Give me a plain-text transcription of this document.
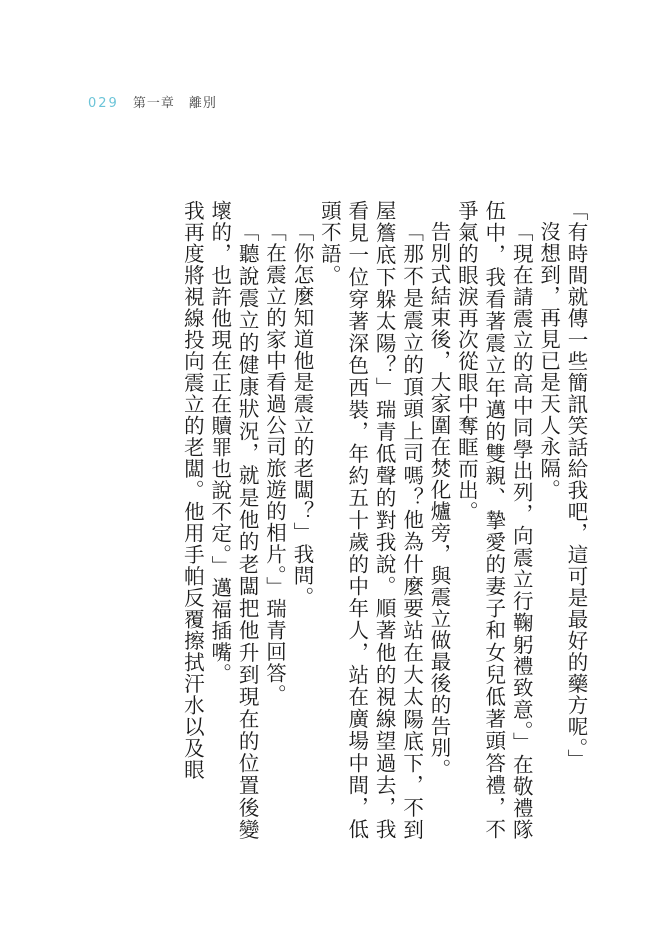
029 第一章　離別

「有時間就傳一些簡訊笑話給我吧，這可是最好的藥方呢。」

沒想到，再見已是天人永隔。

「現在請震立的高中同學出列，向震立行鞠躬禮致意。」在敬禮隊伍中，我看著震立年邁的雙親、摯愛的妻子和女兒低著頭答禮，不爭氣的眼淚再次從眼中奪眶而出。

告別式結束後，大家圍在焚化爐旁，與震立做最後的告別。

「那不是震立的頂頭上司嗎？他為什麼要站在大太陽底下，不到屋簷底下躲太陽？」瑞青低聲的對我說。順著他的視線望過去，我看見一位穿著深色西裝，年約五十歲的中年人，站在廣場中間，低頭不語。

「你怎麼知道他是震立的老闆？」我問。

「在震立的家中看過公司旅遊的相片。」瑞青回答。

「聽說震立的健康狀況，就是他的老闆把他升到現在的位置後變壞的，也許他現在正在贖罪也說不定。」邁福插嘴。

我再度將視線投向震立的老闆。他用手帕反覆擦拭汗水以及眼
